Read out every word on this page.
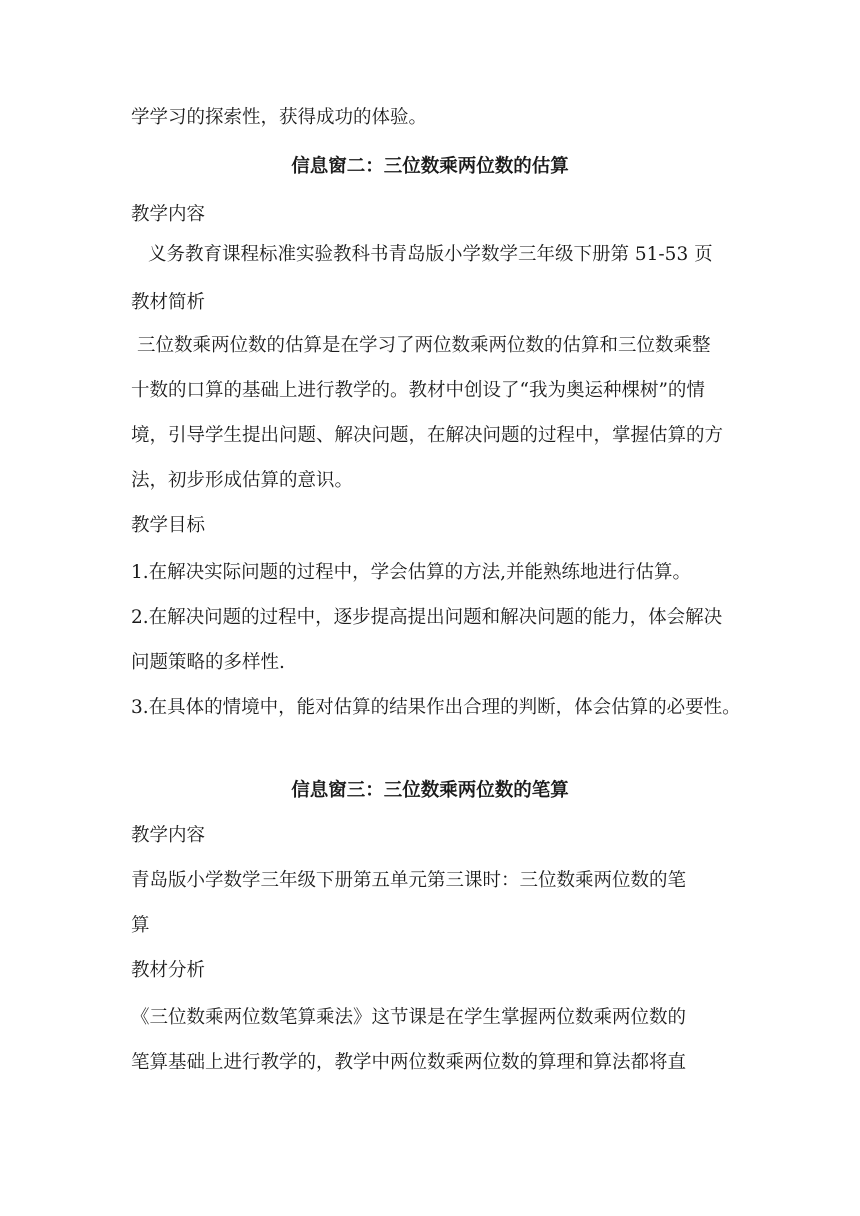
学学习的探索性，获得成功的体验。
信息窗二：三位数乘两位数的估算
教学内容
义务教育课程标准实验教科书青岛版小学数学三年级下册第 51-53 页
教材简析
三位数乘两位数的估算是在学习了两位数乘两位数的估算和三位数乘整
十数的口算的基础上进行教学的。教材中创设了“我为奥运种棵树”的情
境，引导学生提出问题、解决问题，在解决问题的过程中，掌握估算的方
法，初步形成估算的意识。
教学目标
1.在解决实际问题的过程中，学会估算的方法,并能熟练地进行估算。
2.在解决问题的过程中，逐步提高提出问题和解决问题的能力，体会解决
问题策略的多样性.
3.在具体的情境中，能对估算的结果作出合理的判断，体会估算的必要性。
信息窗三：三位数乘两位数的笔算
教学内容
青岛版小学数学三年级下册第五单元第三课时：三位数乘两位数的笔
算
教材分析
《三位数乘两位数笔算乘法》这节课是在学生掌握两位数乘两位数的
笔算基础上进行教学的，教学中两位数乘两位数的算理和算法都将直
